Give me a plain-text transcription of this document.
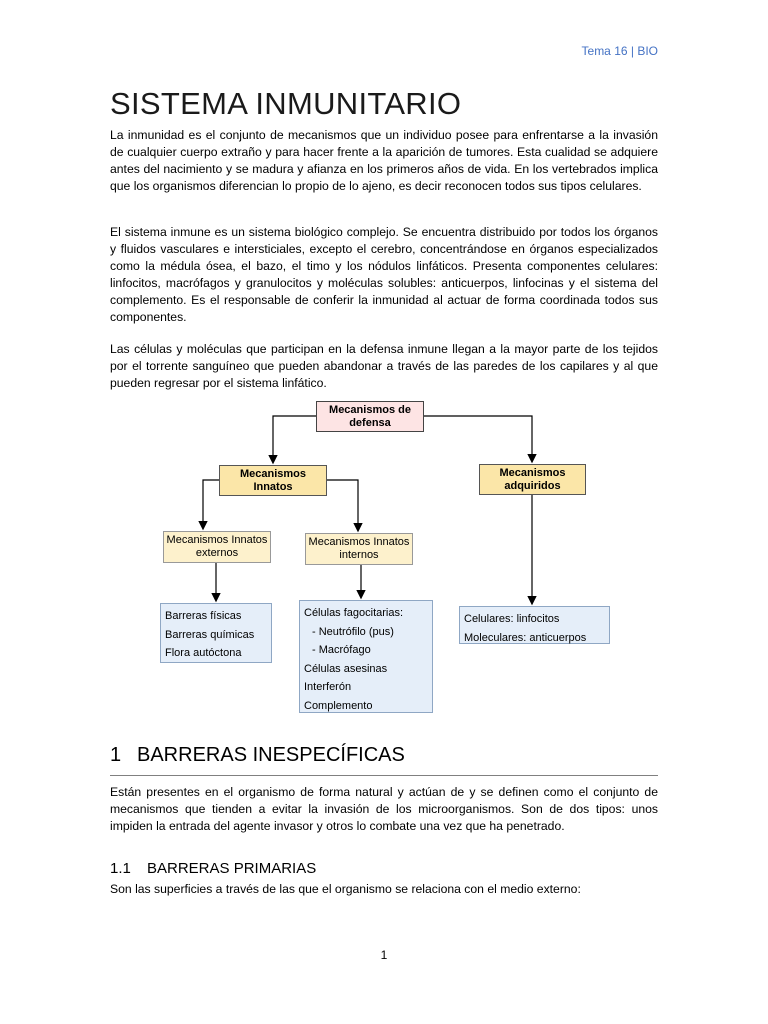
Tema 16 | BIO
SISTEMA INMUNITARIO

La inmunidad es el conjunto de mecanismos que un individuo posee para enfrentarse a la invasión de cualquier cuerpo extraño y para hacer frente a la aparición de tumores. Esta cualidad se adquiere antes del nacimiento y se madura y afianza en los primeros años de vida. En los vertebrados implica que los organismos diferencian lo propio de lo ajeno, es decir reconocen todos sus tipos celulares.

El sistema inmune es un sistema biológico complejo. Se encuentra distribuido por todos los órganos y fluidos vasculares e intersticiales, excepto el cerebro, concentrándose en órganos especializados como la médula ósea, el bazo, el timo y los nódulos linfáticos. Presenta componentes celulares: linfocitos, macrófagos y granulocitos y moléculas solubles: anticuerpos, linfocinas y el sistema del complemento. Es el responsable de conferir la inmunidad al actuar de forma coordinada todos sus componentes.

Las células y moléculas que participan en la defensa inmune llegan a la mayor parte de los tejidos por el torrente sanguíneo que pueden abandonar a través de las paredes de los capilares y al que pueden regresar por el sistema linfático.

Mecanismos de defensa
Mecanismos Innatos
Mecanismos adquiridos
Mecanismos Innatos externos
Mecanismos Innatos internos
Barreras físicas
Barreras químicas
Flora autóctona
Células fagocitarias:
- Neutrófilo (pus)
- Macrófago
Células asesinas
Interferón
Complemento
Celulares: linfocitos
Moleculares: anticuerpos
1 BARRERAS INESPECÍFICAS

Están presentes en el organismo de forma natural y actúan de y se definen como el conjunto de mecanismos que tienden a evitar la invasión de los microorganismos. Son de dos tipos: unos impiden la entrada del agente invasor y otros lo combate una vez que ha penetrado.

1.1 BARRERAS PRIMARIAS

Son las superficies a través de las que el organismo se relaciona con el medio externo:

1
